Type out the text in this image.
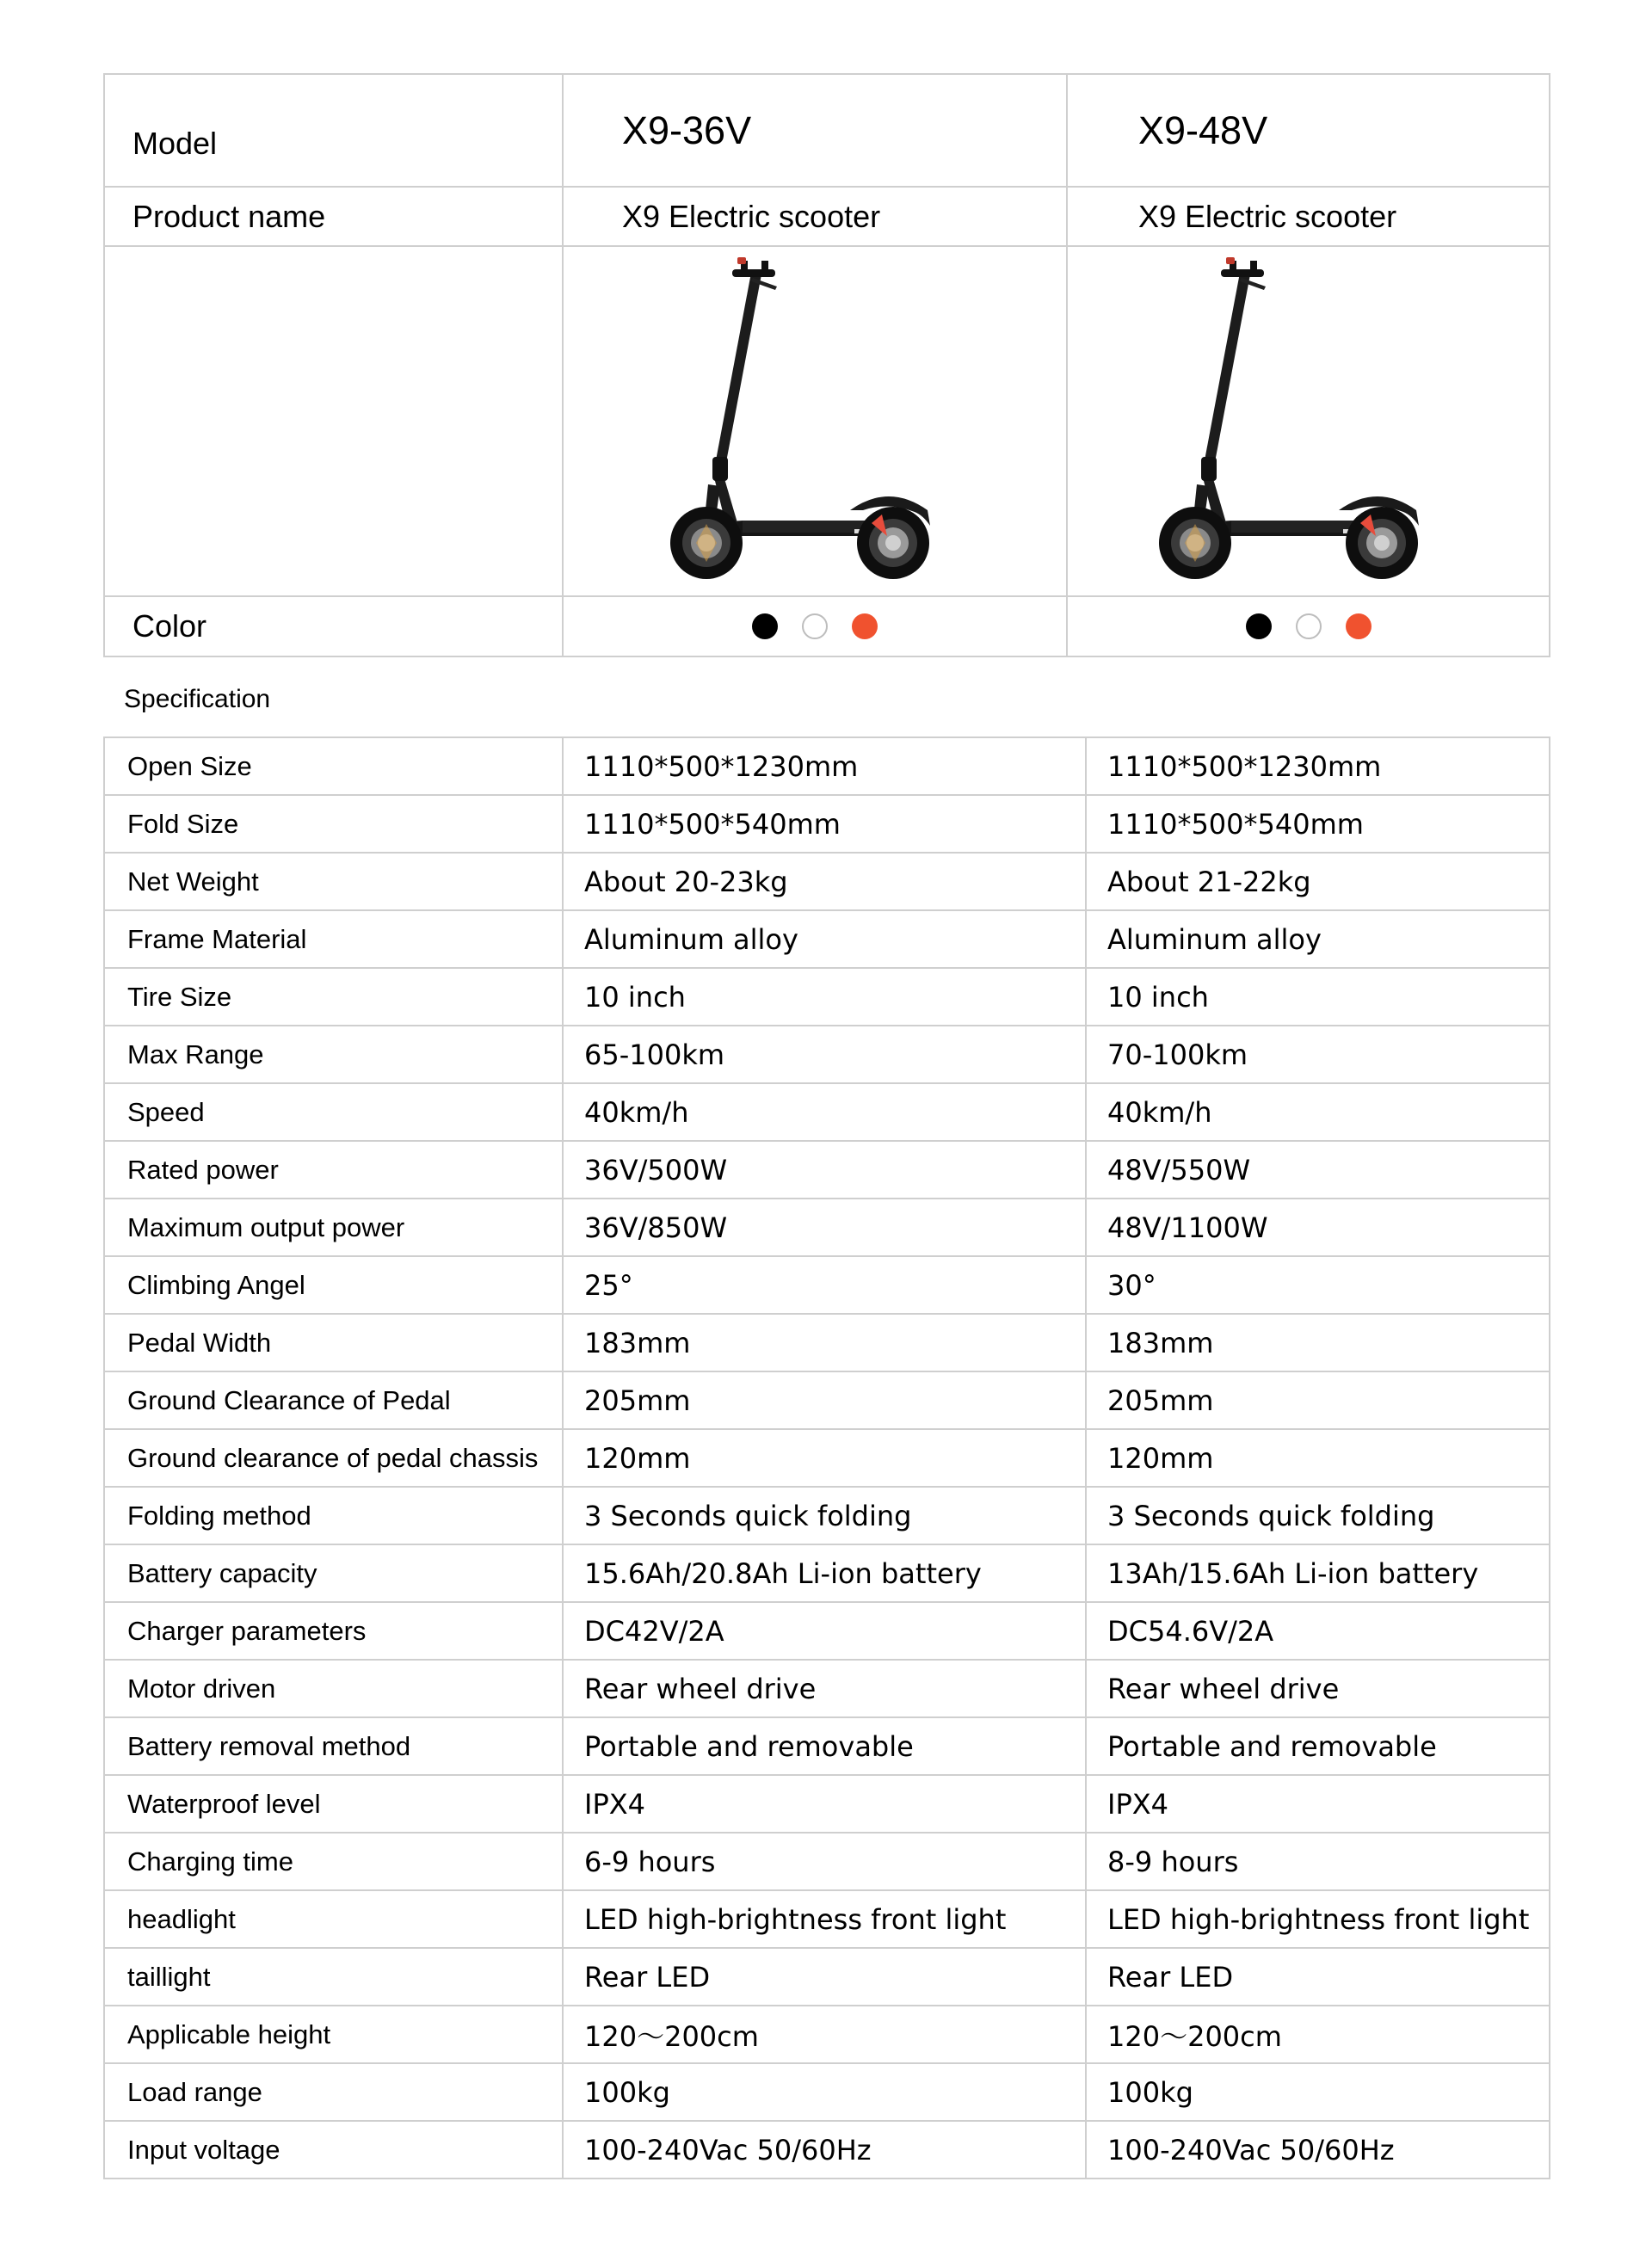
Model	X9-36V	X9-48V
Product name	X9 Electric scooter	X9 Electric scooter

Color	

Specification
Open Size	1110*500*1230mm	1110*500*1230mm
Fold Size	1110*500*540mm	1110*500*540mm
Net Weight	About 20-23kg	About 21-22kg
Frame Material	Aluminum alloy	Aluminum alloy
Tire Size	10 inch	10 inch
Max Range	65-100km	70-100km
Speed	40km/h	40km/h
Rated power	36V/500W	48V/550W
Maximum output power	36V/850W	48V/1100W
Climbing Angel	25°	30°
Pedal Width	183mm	183mm
Ground Clearance of Pedal	205mm	205mm
Ground clearance of pedal chassis	120mm	120mm
Folding method	3 Seconds quick folding	3 Seconds quick folding
Battery capacity	15.6Ah/20.8Ah Li-ion battery	13Ah/15.6Ah Li-ion battery
Charger parameters	DC42V/2A	DC54.6V/2A
Motor driven	Rear wheel drive	Rear wheel drive
Battery removal method	Portable and removable	Portable and removable
Waterproof level	IPX4	IPX4
Charging time	6-9 hours	8-9 hours
headlight	LED high-brightness front light	LED high-brightness front light
taillight	Rear LED	Rear LED
Applicable height	120～200cm	120～200cm
Load range	100kg	100kg
Input voltage	100-240Vac 50/60Hz	100-240Vac 50/60Hz
